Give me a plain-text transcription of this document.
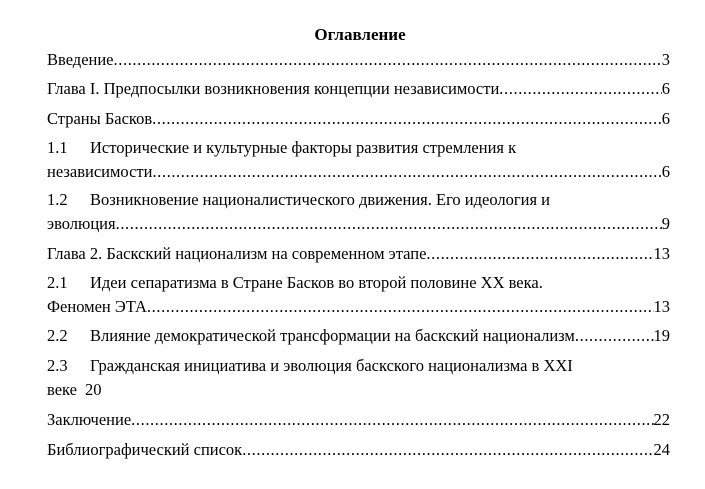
Оглавление
Введение .....	3
Глава I. Предпосылки возникновения концепции независимости .....	6
Страны Басков .....	6
1.1	Исторические и культурные факторы развития стремления к
независимости .....	6
1.2	Возникновение националистического движения. Его идеология и
эволюция .....	9
Глава 2. Баскский национализм на современном этапе .....	13
2.1	Идеи сепаратизма в Стране Басков во второй половине XX века.
Феномен ЭТА .....	13
2.2	Влияние демократической трансформации на баскский национализм .....	19
2.3	Гражданская инициатива и эволюция баскского национализма в XXI
веке 20
Заключение .....	22
Библиографический список .....	24
